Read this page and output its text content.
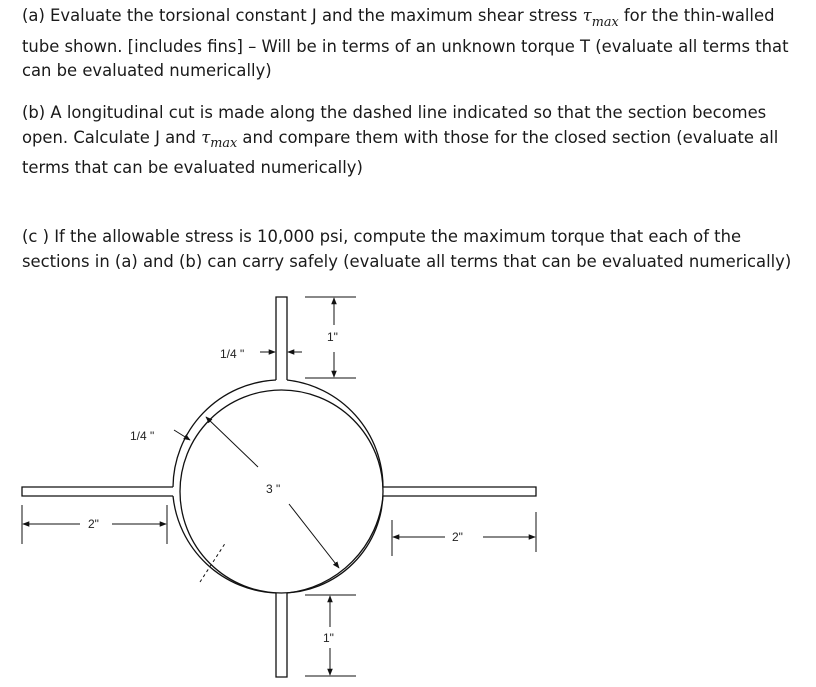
(a) Evaluate the torsional constant J and the maximum shear stress $\tau_{max}$ for the thin-walled tube shown. [includes fins] – Will be in terms of an unknown torque T (evaluate all terms that can be evaluated numerically)

(b) A longitudinal cut is made along the dashed line indicated so that the section becomes open. Calculate J and $\tau_{max}$ and compare them with those for the closed section (evaluate all terms that can be evaluated numerically)

(c ) If the allowable stress is 10,000 psi, compute the maximum torque that each of the sections in (a) and (b) can carry safely (evaluate all terms that can be evaluated numerically)

1/4 "
1/4 "
3 "
1"
1"
2"
2"
